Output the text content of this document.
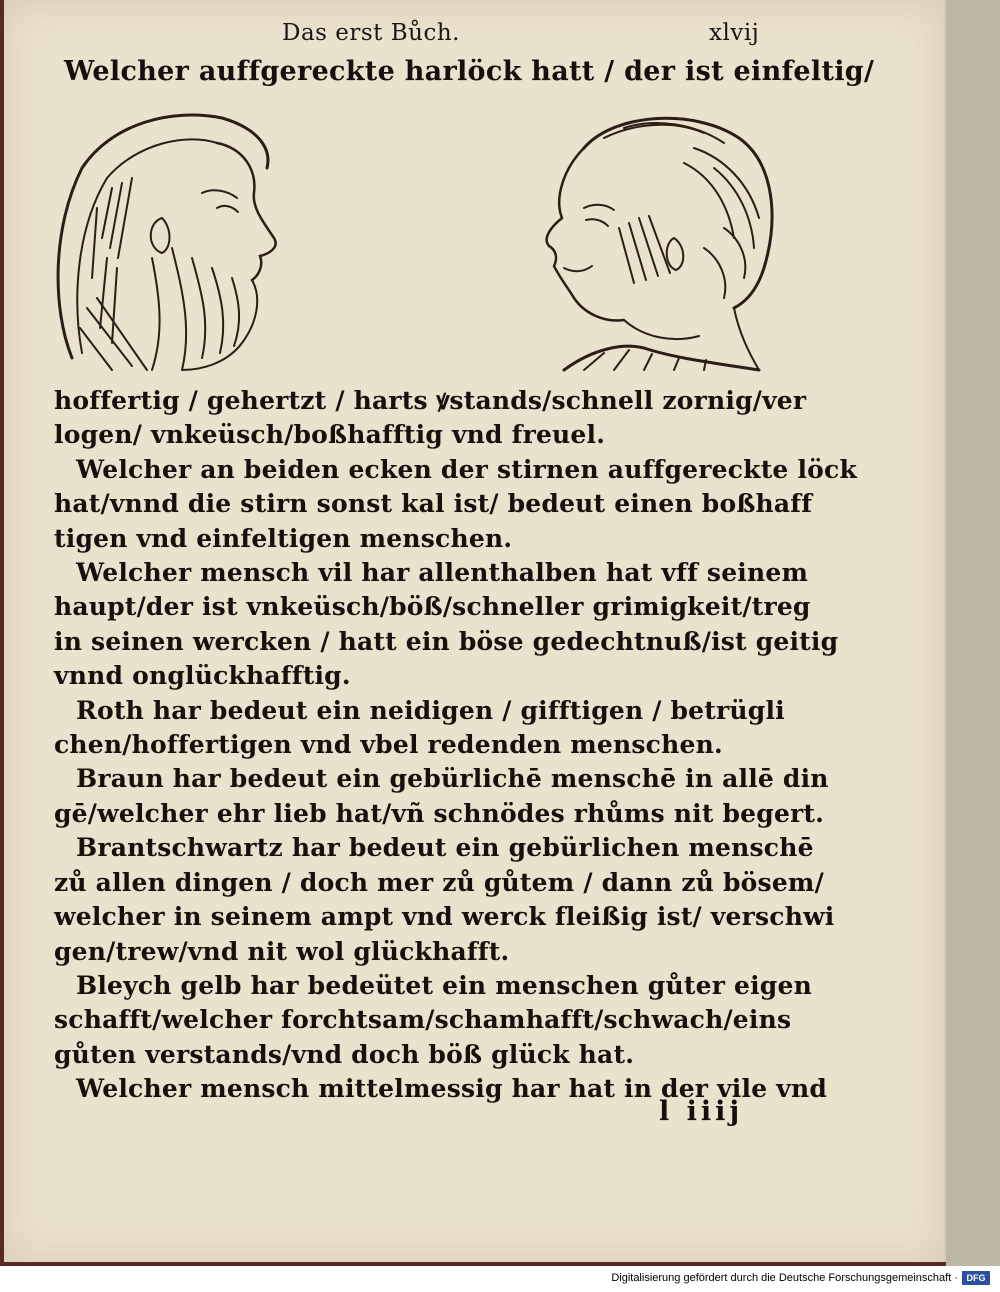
Das erst Bůch.	xlvij
Welcher auffgereckte harlöck hatt / der ist einfeltig/
hoffertig / gehertzt / harts ꝟstands/schnell zornig/ver
logen/ vnkeüsch/boßhafftig vnd freuel.
Welcher an beiden ecken der stirnen auffgereckte löck
hat/vnnd die stirn sonst kal ist/ bedeut einen boßhaff
tigen vnd einfeltigen menschen.
Welcher mensch vil har allenthalben hat vff seinem
haupt/der ist vnkeüsch/böß/schneller grimigkeit/treg
in seinen wercken / hatt ein böse gedechtnuß/ist geitig
vnnd onglückhafftig.
Roth har bedeut ein neidigen / gifftigen / betrügli
chen/hoffertigen vnd vbel redenden menschen.
Braun har bedeut ein gebürlichē menschē in allē din
gē/welcher ehr lieb hat/vñ schnödes rhůms nit begert.
Brantschwartz har bedeut ein gebürlichen menschē
zů allen dingen / doch mer zů gůtem / dann zů bösem/
welcher in seinem ampt vnd werck fleißig ist/ verschwi
gen/trew/vnd nit wol glückhafft.
Bleych gelb har bedeütet ein menschen gůter eigen
schafft/welcher forchtsam/schamhafft/schwach/eins
gůten verstands/vnd doch böß glück hat.
Welcher mensch mittelmessig har hat in der vile vnd
l iiij
Digitalisierung gefördert durch die Deutsche Forschungsgemeinschaft · DFG
